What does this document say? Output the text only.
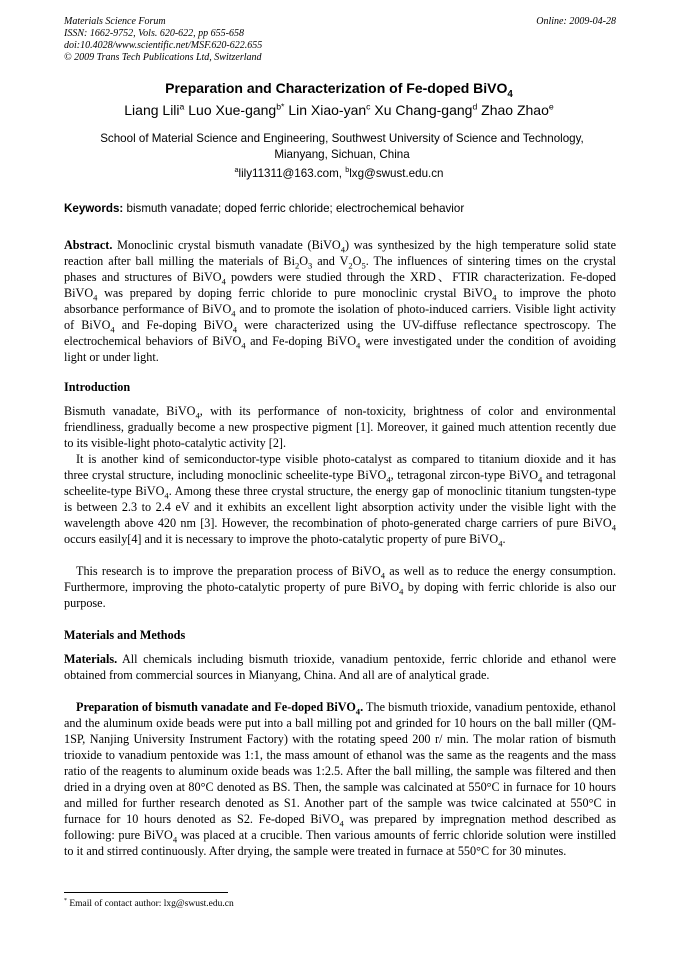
Materials Science Forum
ISSN: 1662-9752, Vols. 620-622, pp 655-658
doi:10.4028/www.scientific.net/MSF.620-622.655
© 2009 Trans Tech Publications Ltd, Switzerland
Online: 2009-04-28
Preparation and Characterization of Fe-doped BiVO$_4$
Liang Lili$^a$ Luo Xue-gang$^{b*}$ Lin Xiao-yan$^c$ Xu Chang-gang$^d$ Zhao Zhao$^e$
School of Material Science and Engineering, Southwest University of Science and Technology,
Mianyang, Sichuan, China
$^a$lily11311@163.com, $^b$lxg@swust.edu.cn
Keywords: bismuth vanadate; doped ferric chloride; electrochemical behavior

Abstract. Monoclinic crystal bismuth vanadate (BiVO$_4$) was synthesized by the high temperature solid state reaction after ball milling the materials of $Bi_2O_3$ and $V_2O_5$. The influences of sintering times on the crystal phases and structures of BiVO$_4$ powders were studied through the XRD、FTIR characterization. Fe-doped BiVO$_4$ was prepared by doping ferric chloride to pure monoclinic crystal BiVO$_4$ to improve the photo absorbance performance of BiVO$_4$ and to promote the isolation of photo-induced carriers. Visible light activity of BiVO$_4$ and Fe-doping BiVO$_4$ were characterized using the UV-diffuse reflectance spectroscopy. The electrochemical behaviors of BiVO$_4$ and Fe-doping BiVO$_4$ were investigated under the condition of avoiding light or under light.

Introduction

Bismuth vanadate, BiVO$_4$, with its performance of non-toxicity, brightness of color and environmental friendliness, gradually become a new prospective pigment [1]. Moreover, it gained much attention recently due to its visible-light photo-catalytic activity [2].

It is another kind of semiconductor-type visible photo-catalyst as compared to titanium dioxide and it has three crystal structure, including monoclinic scheelite-type BiVO$_4$, tetragonal zircon-type BiVO$_4$ and tetragonal scheelite-type BiVO$_4$. Among these three crystal structure, the energy gap of monoclinic titanium tungsten-type is between 2.3 to 2.4 eV and it exhibits an excellent light absorption activity under the visible light with the wavelength above 420 nm [3]. However, the recombination of photo-generated charge carriers of pure BiVO$_4$ occurs easily[4] and it is necessary to improve the photo-catalytic property of pure BiVO$_4$.

This research is to improve the preparation process of BiVO$_4$ as well as to reduce the energy consumption. Furthermore, improving the photo-catalytic property of pure BiVO$_4$ by doping with ferric chloride is also our purpose.

Materials and Methods

Materials. All chemicals including bismuth trioxide, vanadium pentoxide, ferric chloride and ethanol were obtained from commercial sources in Mianyang, China. And all are of analytical grade.

Preparation of bismuth vanadate and Fe-doped BiVO$_4$. The bismuth trioxide, vanadium pentoxide, ethanol and the aluminum oxide beads were put into a ball milling pot and grinded for 10 hours on the ball miller (QM-1SP, Nanjing University Instrument Factory) with the rotating speed 200 r/ min. The molar ration of bismuth trioxide to vanadium pentoxide was 1:1, the mass amount of ethanol was the same as the reagents and the mass ratio of the reagents to aluminum oxide beads was 1:2.5. After the ball milling, the sample was filtered and then dried in a drying oven at 80°C denoted as BS. Then, the sample was calcinated at 550°C in furnace for 10 hours and milled for further research denoted as S1. Another part of the sample was twice calcinated at 550°C in furnace for 10 hours denoted as S2. Fe-doped BiVO$_4$ was prepared by impregnation method described as following: pure BiVO$_4$ was placed at a crucible. Then various amounts of ferric chloride solution were instilled to it and stirred continuously. After drying, the sample were treated in furnace at 550°C for 30 minutes.

* Email of contact author: lxg@swust.edu.cn
